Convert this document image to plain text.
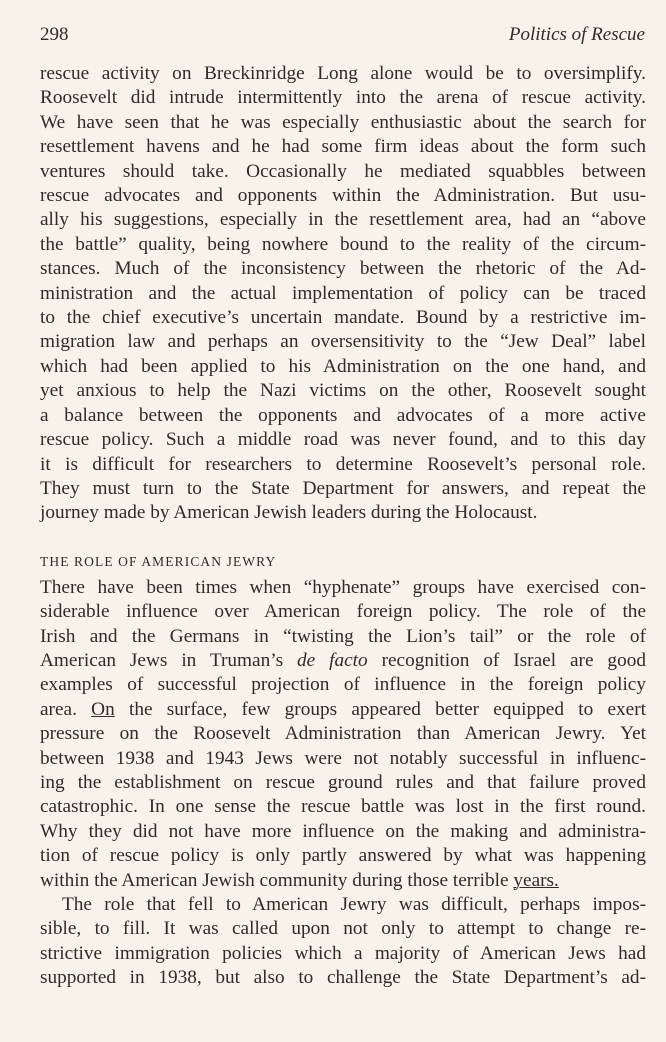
298	Politics of Rescue
rescue activity on Breckinridge Long alone would be to oversimplify.
Roosevelt did intrude intermittently into the arena of rescue activity.
We have seen that he was especially enthusiastic about the search for
resettlement havens and he had some firm ideas about the form such
ventures should take. Occasionally he mediated squabbles between
rescue advocates and opponents within the Administration. But usu-
ally his suggestions, especially in the resettlement area, had an “above
the battle” quality, being nowhere bound to the reality of the circum-
stances. Much of the inconsistency between the rhetoric of the Ad-
ministration and the actual implementation of policy can be traced
to the chief executive’s uncertain mandate. Bound by a restrictive im-
migration law and perhaps an oversensitivity to the “Jew Deal” label
which had been applied to his Administration on the one hand, and
yet anxious to help the Nazi victims on the other, Roosevelt sought
a balance between the opponents and advocates of a more active
rescue policy. Such a middle road was never found, and to this day
it is difficult for researchers to determine Roosevelt’s personal role.
They must turn to the State Department for answers, and repeat the
journey made by American Jewish leaders during the Holocaust.
THE ROLE OF AMERICAN JEWRY
There have been times when “hyphenate” groups have exercised con-
siderable influence over American foreign policy. The role of the
Irish and the Germans in “twisting the Lion’s tail” or the role of
American Jews in Truman’s de facto recognition of Israel are good
examples of successful projection of influence in the foreign policy
area. On the surface, few groups appeared better equipped to exert
pressure on the Roosevelt Administration than American Jewry. Yet
between 1938 and 1943 Jews were not notably successful in influenc-
ing the establishment on rescue ground rules and that failure proved
catastrophic. In one sense the rescue battle was lost in the first round.
Why they did not have more influence on the making and administra-
tion of rescue policy is only partly answered by what was happening
within the American Jewish community during those terrible years.
The role that fell to American Jewry was difficult, perhaps impos-
sible, to fill. It was called upon not only to attempt to change re-
strictive immigration policies which a majority of American Jews had
supported in 1938, but also to challenge the State Department’s ad-
